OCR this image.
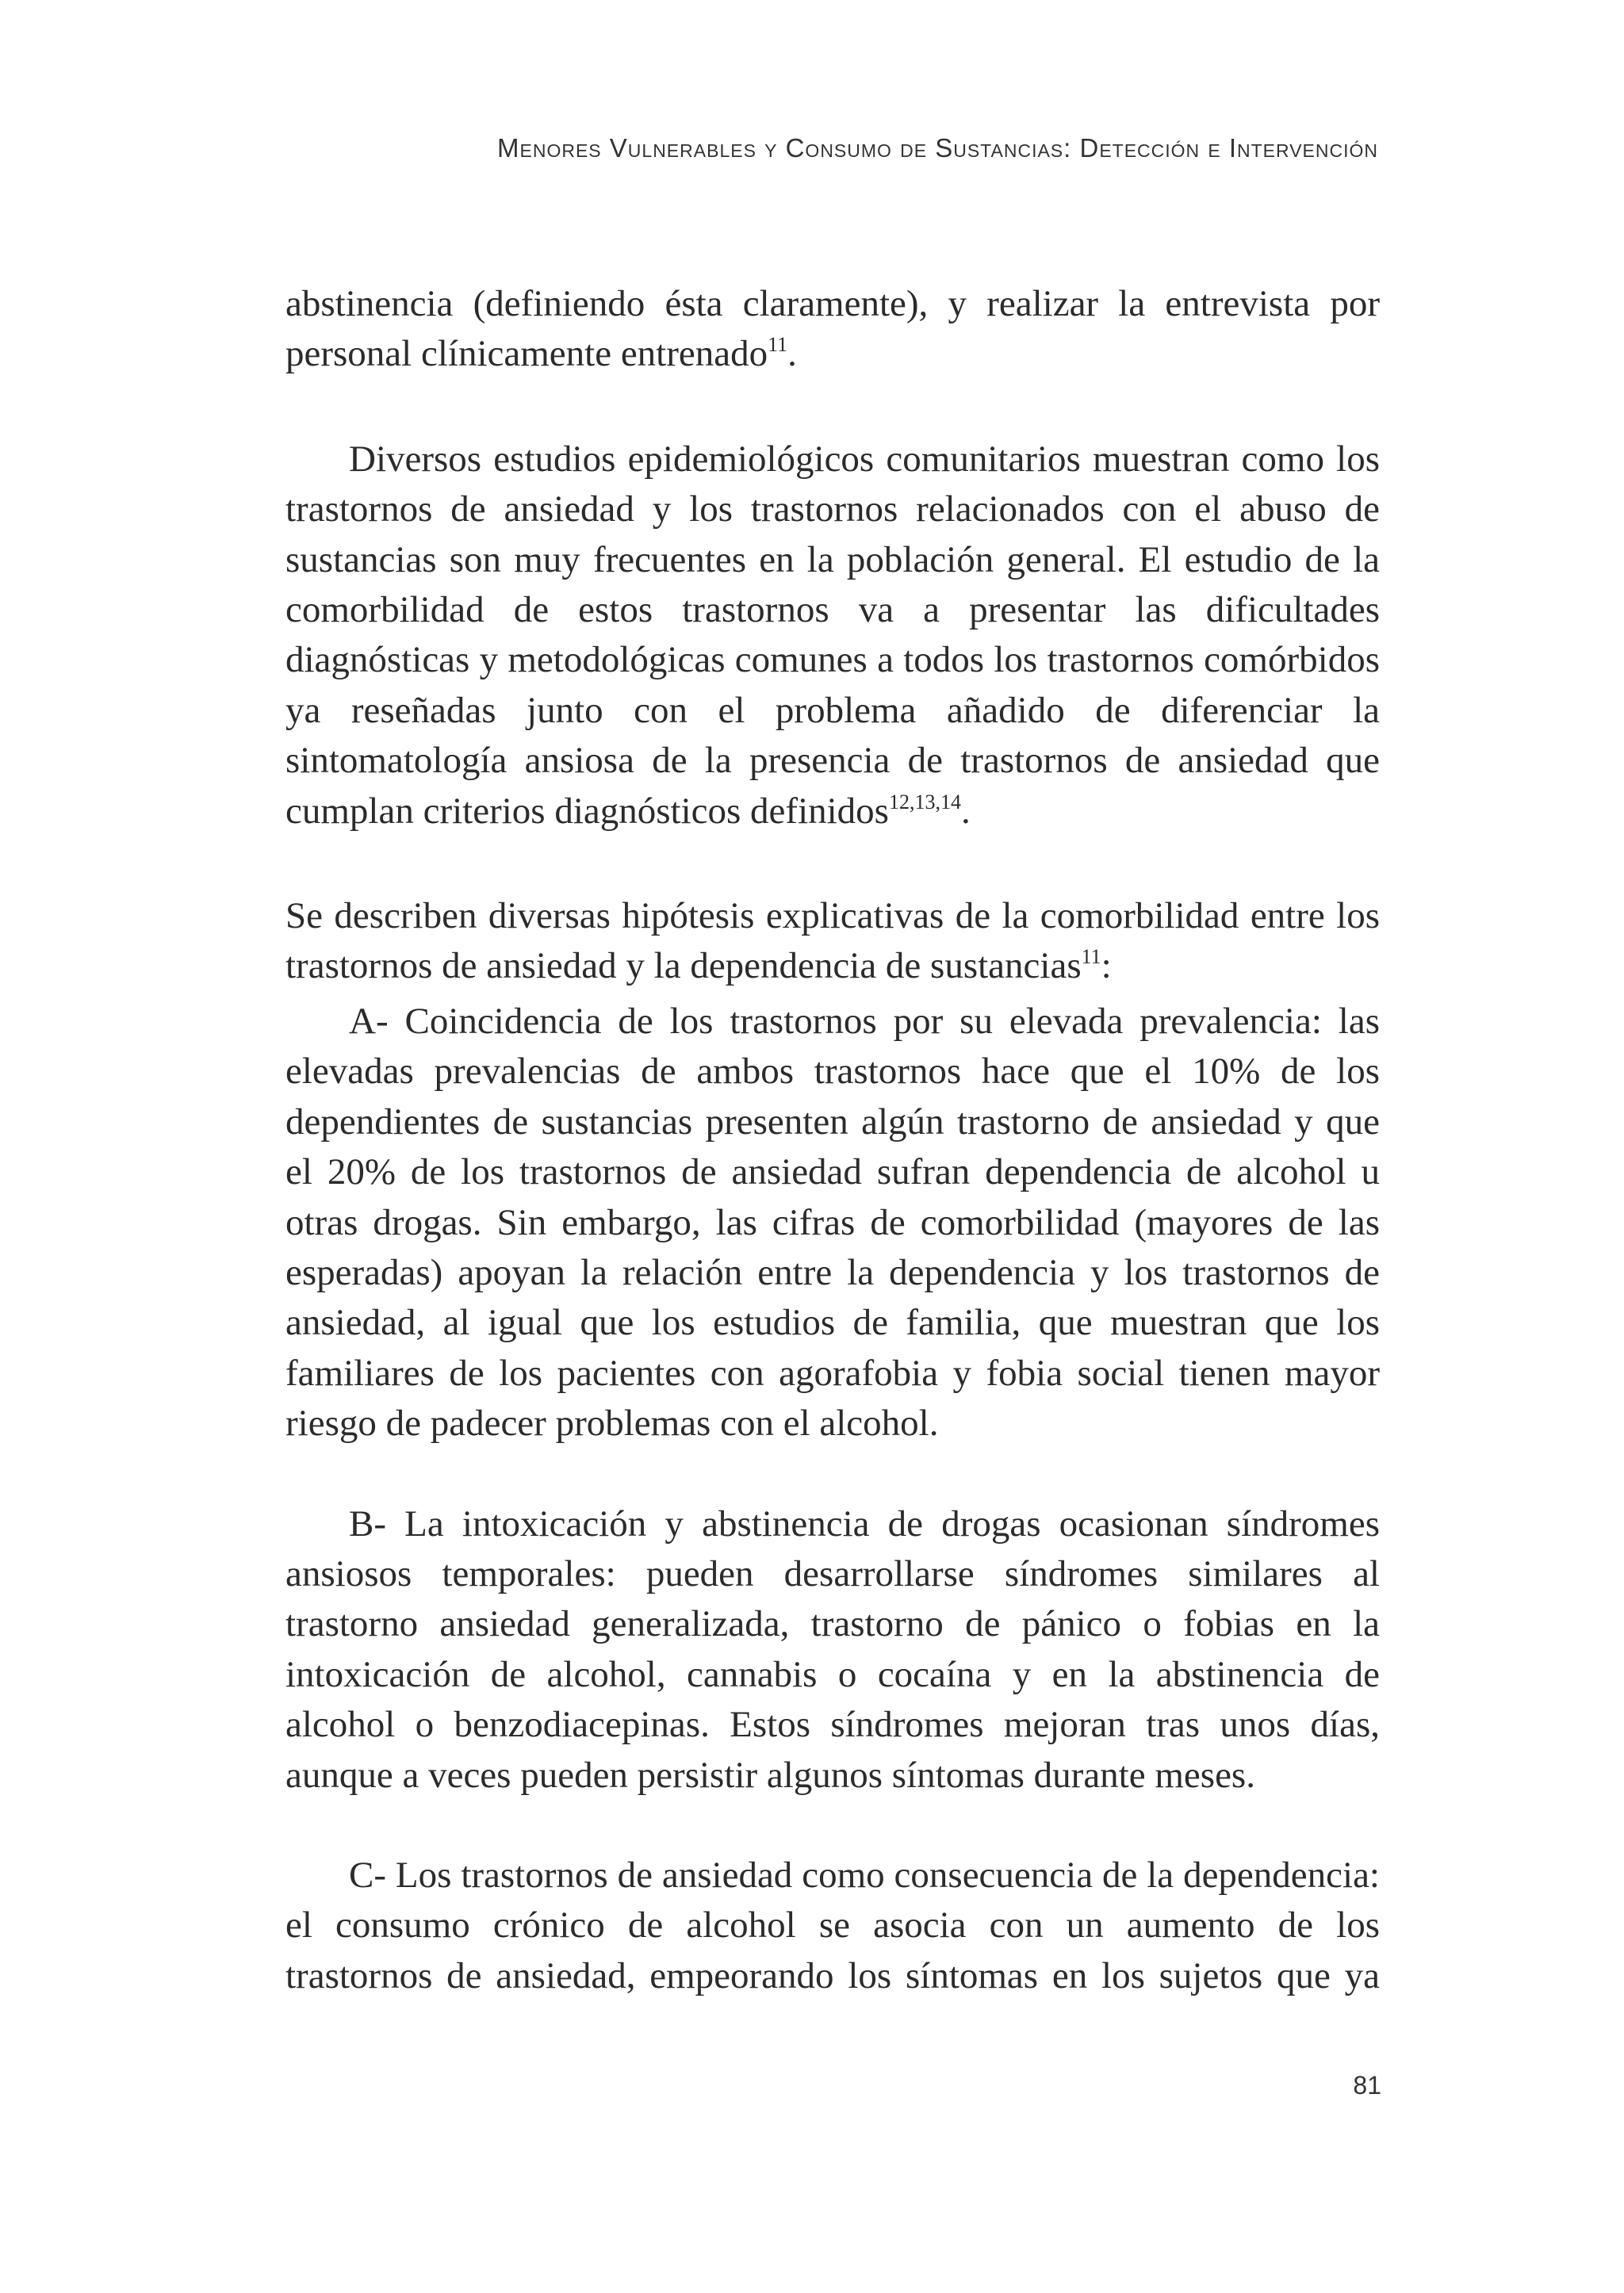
Menores Vulnerables y Consumo de Sustancias: Detección e Intervención

abstinencia (definiendo ésta claramente), y realizar la entrevista por personal clínicamente entrenado$^{11}$.

Diversos estudios epidemiológicos comunitarios muestran como los trastornos de ansiedad y los trastornos relacionados con el abuso de sustancias son muy frecuentes en la población general. El estudio de la comorbilidad de estos trastornos va a presentar las dificultades diagnósticas y metodológicas comunes a todos los trastornos comórbidos ya reseñadas junto con el problema añadido de diferenciar la sintomatología ansiosa de la presencia de trastornos de ansiedad que cumplan criterios diagnósticos definidos$^{12,13,14}$.

Se describen diversas hipótesis explicativas de la comorbilidad entre los trastornos de ansiedad y la dependencia de sustancias$^{11}$:

A- Coincidencia de los trastornos por su elevada prevalencia: las elevadas prevalencias de ambos trastornos hace que el 10% de los dependientes de sustancias presenten algún trastorno de ansiedad y que el 20% de los trastornos de ansiedad sufran dependencia de alcohol u otras drogas. Sin embargo, las cifras de comorbilidad (mayores de las esperadas) apoyan la relación entre la dependencia y los trastornos de ansiedad, al igual que los estudios de familia, que muestran que los familiares de los pacientes con agorafobia y fobia social tienen mayor riesgo de padecer problemas con el alcohol.

B- La intoxicación y abstinencia de drogas ocasionan síndromes ansiosos temporales: pueden desarrollarse síndromes similares al trastorno ansiedad generalizada, trastorno de pánico o fobias en la intoxicación de alcohol, cannabis o cocaína y en la abstinencia de alcohol o benzodiacepinas. Estos síndromes mejoran tras unos días, aunque a veces pueden persistir algunos síntomas durante meses.

C- Los trastornos de ansiedad como consecuencia de la dependencia: el consumo crónico de alcohol se asocia con un aumento de los trastornos de ansiedad, empeorando los síntomas en los sujetos que ya

81
